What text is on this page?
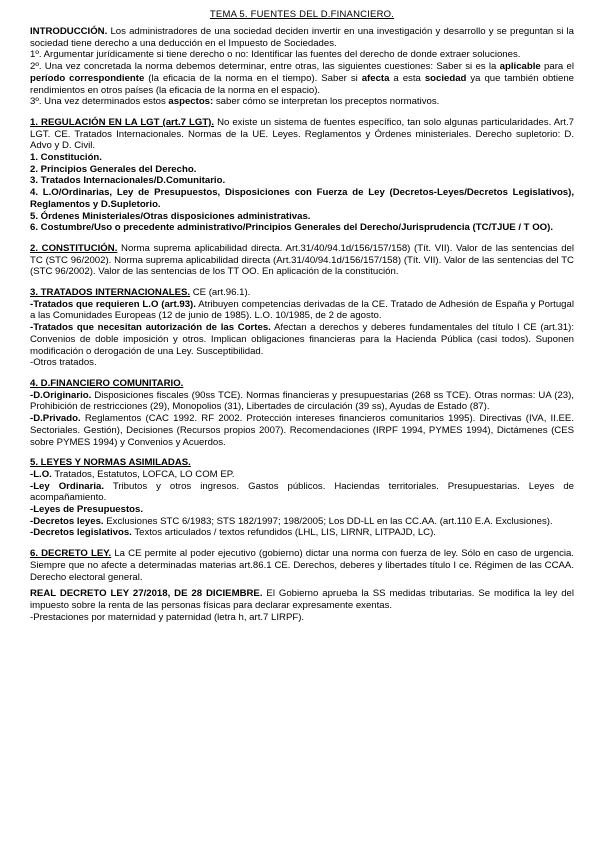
TEMA 5. FUENTES DEL D.FINANCIERO.

INTRODUCCIÓN. Los administradores de una sociedad deciden invertir en una investigación y desarrollo y se preguntan si la sociedad tiene derecho a una deducción en el Impuesto de Sociedades.

1º. Argumentar jurídicamente si tiene derecho o no: Identificar las fuentes del derecho de donde extraer soluciones.

2º. Una vez concretada la norma debemos determinar, entre otras, las siguientes cuestiones: Saber si es la aplicable para el período correspondiente (la eficacia de la norma en el tiempo). Saber si afecta a esta sociedad ya que también obtiene rendimientos en otros países (la eficacia de la norma en el espacio).

3º. Una vez determinados estos aspectos: saber cómo se interpretan los preceptos normativos.

1. REGULACIÓN EN LA LGT (art.7 LGT). No existe un sistema de fuentes específico, tan solo algunas particularidades. Art.7 LGT. CE. Tratados Internacionales. Normas de la UE. Leyes. Reglamentos y Órdenes ministeriales. Derecho supletorio: D. Advo y D. Civil.

1. Constitución.

2. Principios Generales del Derecho.

3. Tratados Internacionales/D.Comunitario.

4. L.O/Ordinarias, Ley de Presupuestos, Disposiciones con Fuerza de Ley (Decretos-Leyes/Decretos Legislativos), Reglamentos y D.Supletorio.

5. Órdenes Ministeriales/Otras disposiciones administrativas.

6. Costumbre/Uso o precedente administrativo/Principios Generales del Derecho/Jurisprudencia (TC/TJUE / T OO).

2. CONSTITUCIÓN. Norma suprema aplicabilidad directa. Art.31/40/94.1d/156/157/158) (Tít. VII). Valor de las sentencias del TC (STC 96/2002). Norma suprema aplicabilidad directa (Art.31/40/94.1d/156/157/158) (Tít. VII). Valor de las sentencias del TC (STC 96/2002). Valor de las sentencias de los TT OO. En aplicación de la constitución.

3. TRATADOS INTERNACIONALES. CE (art.96.1).

-Tratados que requieren L.O (art.93). Atribuyen competencias derivadas de la CE. Tratado de Adhesión de España y Portugal a las Comunidades Europeas (12 de junio de 1985). L.O. 10/1985, de 2 de agosto.

-Tratados que necesitan autorización de las Cortes. Afectan a derechos y deberes fundamentales del título I CE (art.31): Convenios de doble imposición y otros. Implican obligaciones financieras para la Hacienda Pública (casi todos). Suponen modificación o derogación de una Ley. Susceptibilidad.

-Otros tratados.

4. D.FINANCIERO COMUNITARIO.

-D.Originario. Disposiciones fiscales (90ss TCE). Normas financieras y presupuestarias (268 ss TCE). Otras normas: UA (23), Prohibición de restricciones (29), Monopolios (31), Libertades de circulación (39 ss), Ayudas de Estado (87).

-D.Privado. Reglamentos (CAC 1992. RF 2002. Protección intereses financieros comunitarios 1995). Directivas (IVA, II.EE. Sectoriales. Gestión), Decisiones (Recursos propios 2007). Recomendaciones (IRPF 1994, PYMES 1994), Dictámenes (CES sobre PYMES 1994) y Convenios y Acuerdos.

5. LEYES Y NORMAS ASIMILADAS.

-L.O. Tratados, Estatutos, LOFCA, LO COM EP.

-Ley Ordinaria. Tributos y otros ingresos. Gastos públicos. Haciendas territoriales. Presupuestarias. Leyes de acompañamiento.

-Leyes de Presupuestos.

-Decretos leyes. Exclusiones STC 6/1983; STS 182/1997; 198/2005; Los DD-LL en las CC.AA. (art.110 E.A. Exclusiones).

-Decretos legislativos. Textos articulados / textos refundidos (LHL, LIS, LIRNR, LITPAJD, LC).

6. DECRETO LEY. La CE permite al poder ejecutivo (gobierno) dictar una norma con fuerza de ley. Sólo en caso de urgencia. Siempre que no afecte a determinadas materias art.86.1 CE. Derechos, deberes y libertades título I ce. Régimen de las CCAA. Derecho electoral general.

REAL DECRETO LEY 27/2018, DE 28 DICIEMBRE. El Gobierno aprueba la SS medidas tributarias. Se modifica la ley del impuesto sobre la renta de las personas físicas para declarar expresamente exentas.

-Prestaciones por maternidad y paternidad (letra h, art.7 LIRPF).
